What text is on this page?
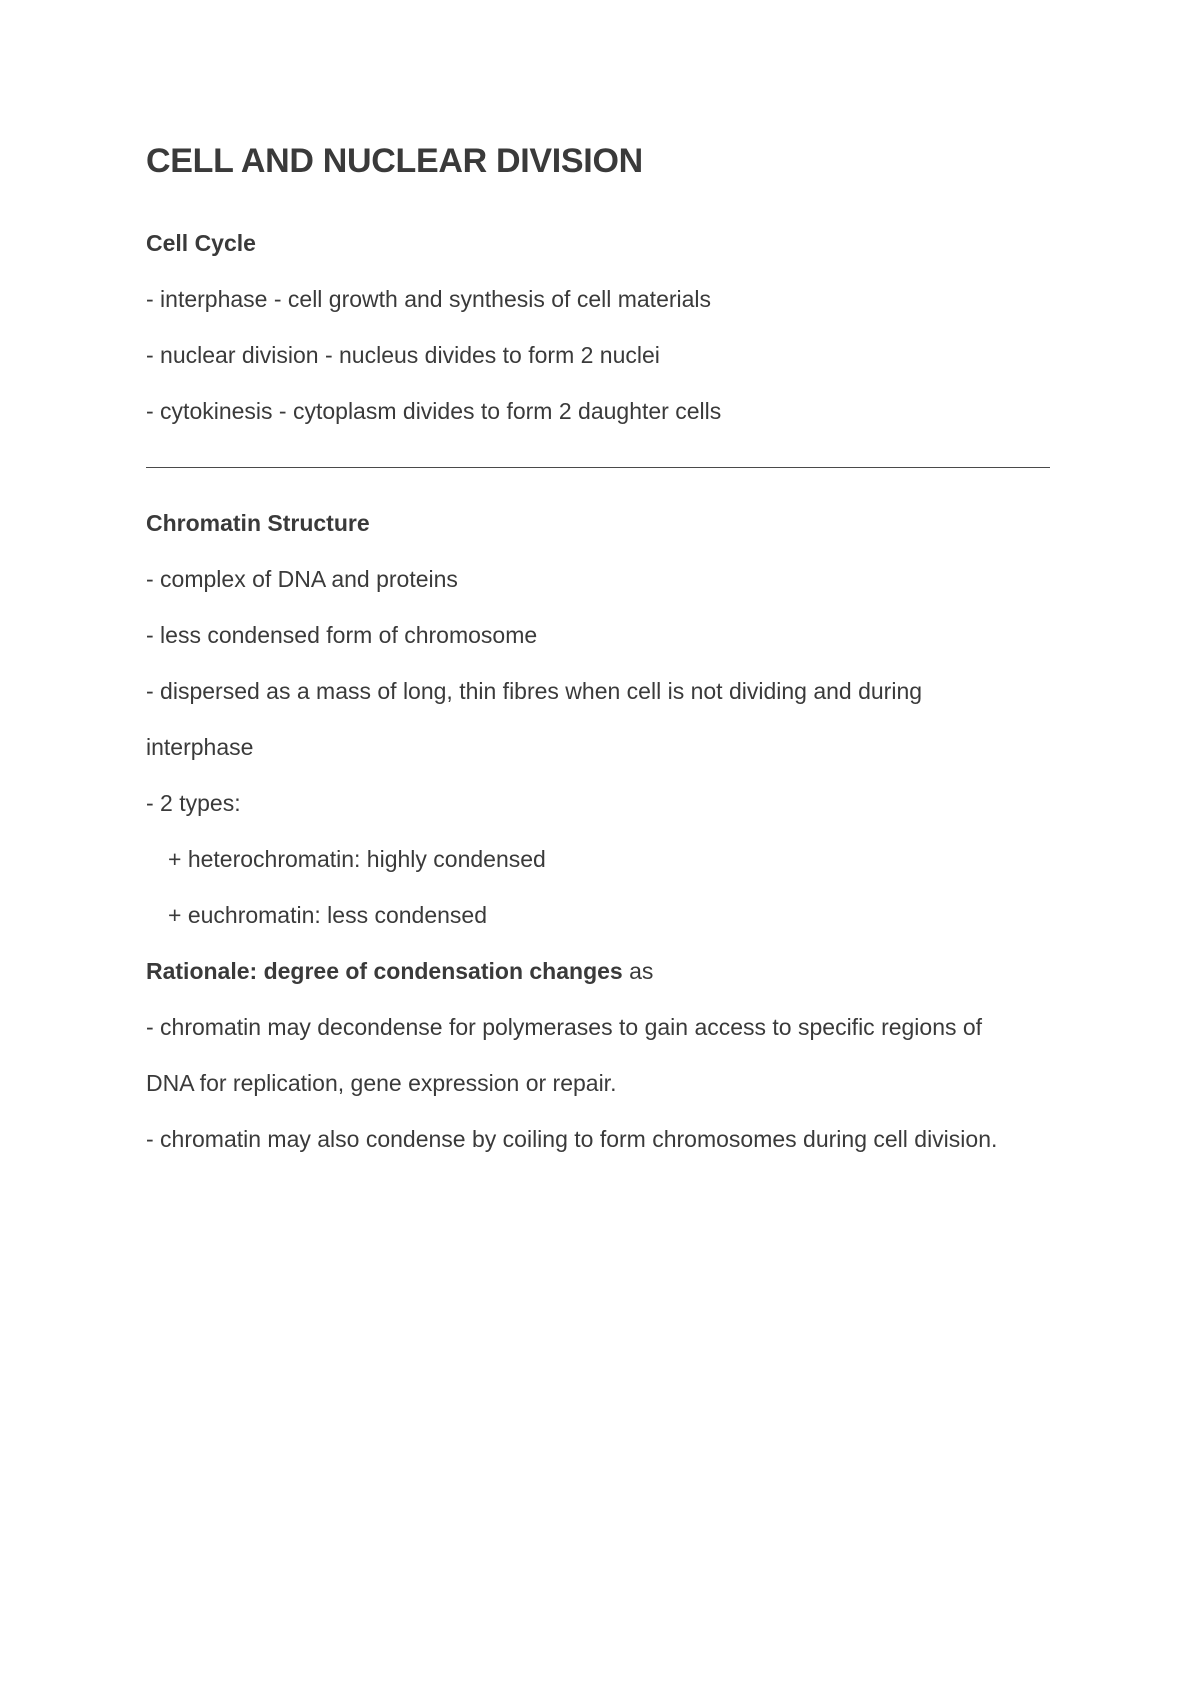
CELL AND NUCLEAR DIVISION

Cell Cycle

- interphase - cell growth and synthesis of cell materials

- nuclear division - nucleus divides to form 2 nuclei

- cytokinesis - cytoplasm divides to form 2 daughter cells

Chromatin Structure

- complex of DNA and proteins

- less condensed form of chromosome

- dispersed as a mass of long, thin fibres when cell is not dividing and during

interphase

- 2 types:

+ heterochromatin: highly condensed

+ euchromatin: less condensed

Rationale: degree of condensation changes as

- chromatin may decondense for polymerases to gain access to specific regions of

DNA for replication, gene expression or repair.

- chromatin may also condense by coiling to form chromosomes during cell division.
